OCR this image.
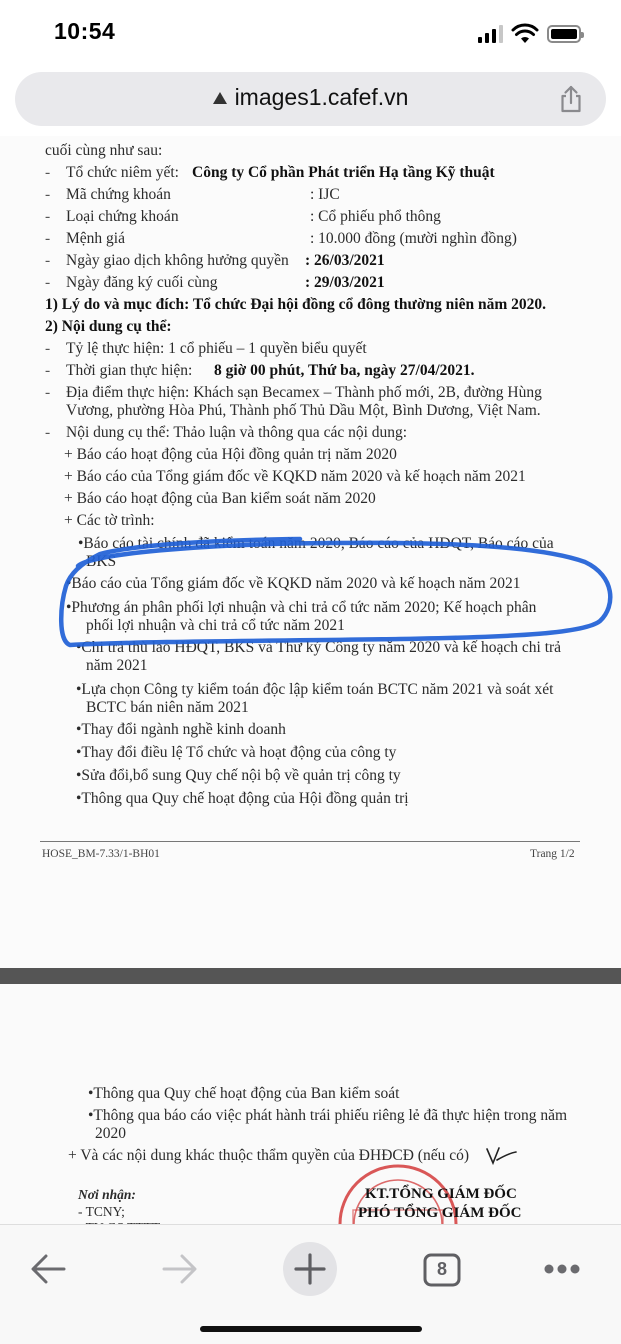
10:54
images1.cafef.vn
cuối cùng như sau:
- Tổ chức niêm yết: Công ty Cổ phần Phát triển Hạ tầng Kỹ thuật
- Mã chứng khoán	: IJC
- Loại chứng khoán	: Cổ phiếu phổ thông
- Mệnh giá	: 10.000 đồng (mười nghìn đồng)
- Ngày giao dịch không hưởng quyền : 26/03/2021
- Ngày đăng ký cuối cùng	: 29/03/2021
1) Lý do và mục đích: Tổ chức Đại hội đồng cổ đông thường niên năm 2020.
2) Nội dung cụ thể:
- Tỷ lệ thực hiện: 1 cổ phiếu – 1 quyền biểu quyết
- Thời gian thực hiện: 8 giờ 00 phút, Thứ ba, ngày 27/04/2021.
- Địa điểm thực hiện: Khách sạn Becamex – Thành phố mới, 2B, đường Hùng
Vương, phường Hòa Phú, Thành phố Thủ Dầu Một, Bình Dương, Việt Nam.
- Nội dung cụ thể: Thảo luận và thông qua các nội dung:
+ Báo cáo hoạt động của Hội đồng quản trị năm 2020
+ Báo cáo của Tổng giám đốc về KQKD năm 2020 và kế hoạch năm 2021
+ Báo cáo hoạt động của Ban kiểm soát năm 2020
+ Các tờ trình:
•Báo cáo tài chính đã kiểm toán năm 2020, Báo cáo của HĐQT, Báo cáo của
BKS
•Báo cáo của Tổng giám đốc về KQKD năm 2020 và kế hoạch năm 2021
•Phương án phân phối lợi nhuận và chi trả cổ tức năm 2020; Kế hoạch phân
phối lợi nhuận và chi trả cổ tức năm 2021
•Chi trả thù lao HĐQT, BKS và Thư ký Công ty năm 2020 và kế hoạch chi trả
năm 2021
•Lựa chọn Công ty kiểm toán độc lập kiểm toán BCTC năm 2021 và soát xét
BCTC bán niên năm 2021
•Thay đổi ngành nghề kinh doanh
•Thay đổi điều lệ Tổ chức và hoạt động của công ty
•Sửa đổi,bổ sung Quy chế nội bộ về quản trị công ty
•Thông qua Quy chế hoạt động của Hội đồng quản trị
HOSE_BM-7.33/1-BH01	Trang 1/2
•Thông qua Quy chế hoạt động của Ban kiểm soát
•Thông qua báo cáo việc phát hành trái phiếu riêng lẻ đã thực hiện trong năm
2020
+ Và các nội dung khác thuộc thẩm quyền của ĐHĐCĐ (nếu có)
Nơi nhận:
- TCNY;
KT.TỔNG GIÁM ĐỐC
PHÓ TỔNG GIÁM ĐỐC
8
